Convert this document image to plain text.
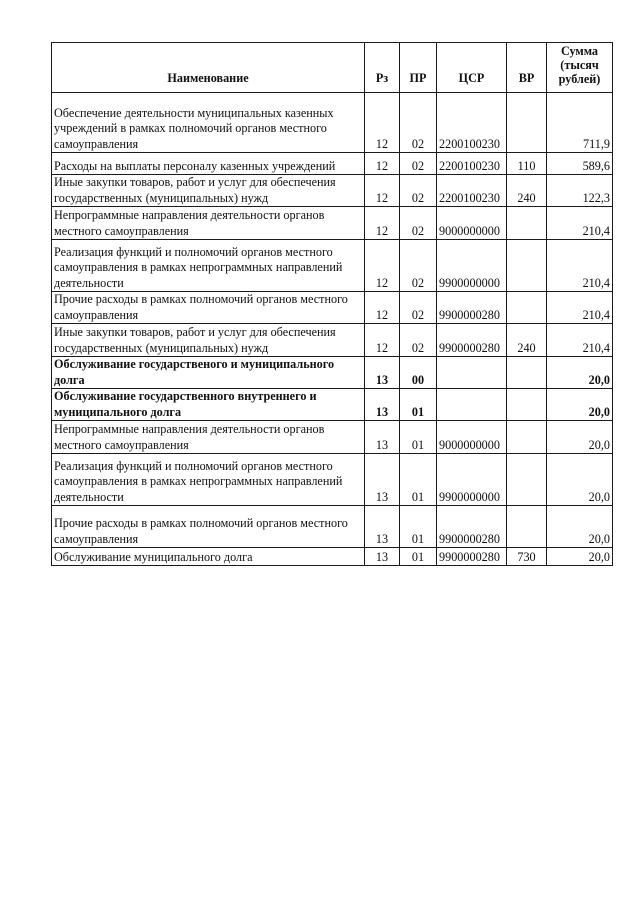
Наименование	Рз	ПР	ЦСР	ВР	Сумма (тысяч рублей)
Обеспечение деятельности муниципальных казенных учреждений в рамках полномочий органов местного самоуправления	12	02	2200100230		711,9
Расходы на выплаты персоналу казенных учреждений	12	02	2200100230	110	589,6
Иные закупки товаров, работ и услуг для обеспечения государственных (муниципальных) нужд	12	02	2200100230	240	122,3
Непрограммные направления деятельности органов местного самоуправления	12	02	9000000000		210,4
Реализация функций и полномочий органов местного самоуправления в рамках непрограммных направлений деятельности	12	02	9900000000		210,4
Прочие расходы в рамках полномочий органов местного самоуправления	12	02	9900000280		210,4
Иные закупки товаров, работ и услуг для обеспечения государственных (муниципальных) нужд	12	02	9900000280	240	210,4
Обслуживание государственого и муниципального долга	13	00			20,0
Обслуживание государственного внутреннего и муниципального долга	13	01			20,0
Непрограммные направления деятельности органов местного самоуправления	13	01	9000000000		20,0
Реализация функций и полномочий органов местного самоуправления в рамках непрограммных направлений деятельности	13	01	9900000000		20,0
Прочие расходы в рамках полномочий органов местного самоуправления	13	01	9900000280		20,0
Обслуживание муниципального долга	13	01	9900000280	730	20,0
